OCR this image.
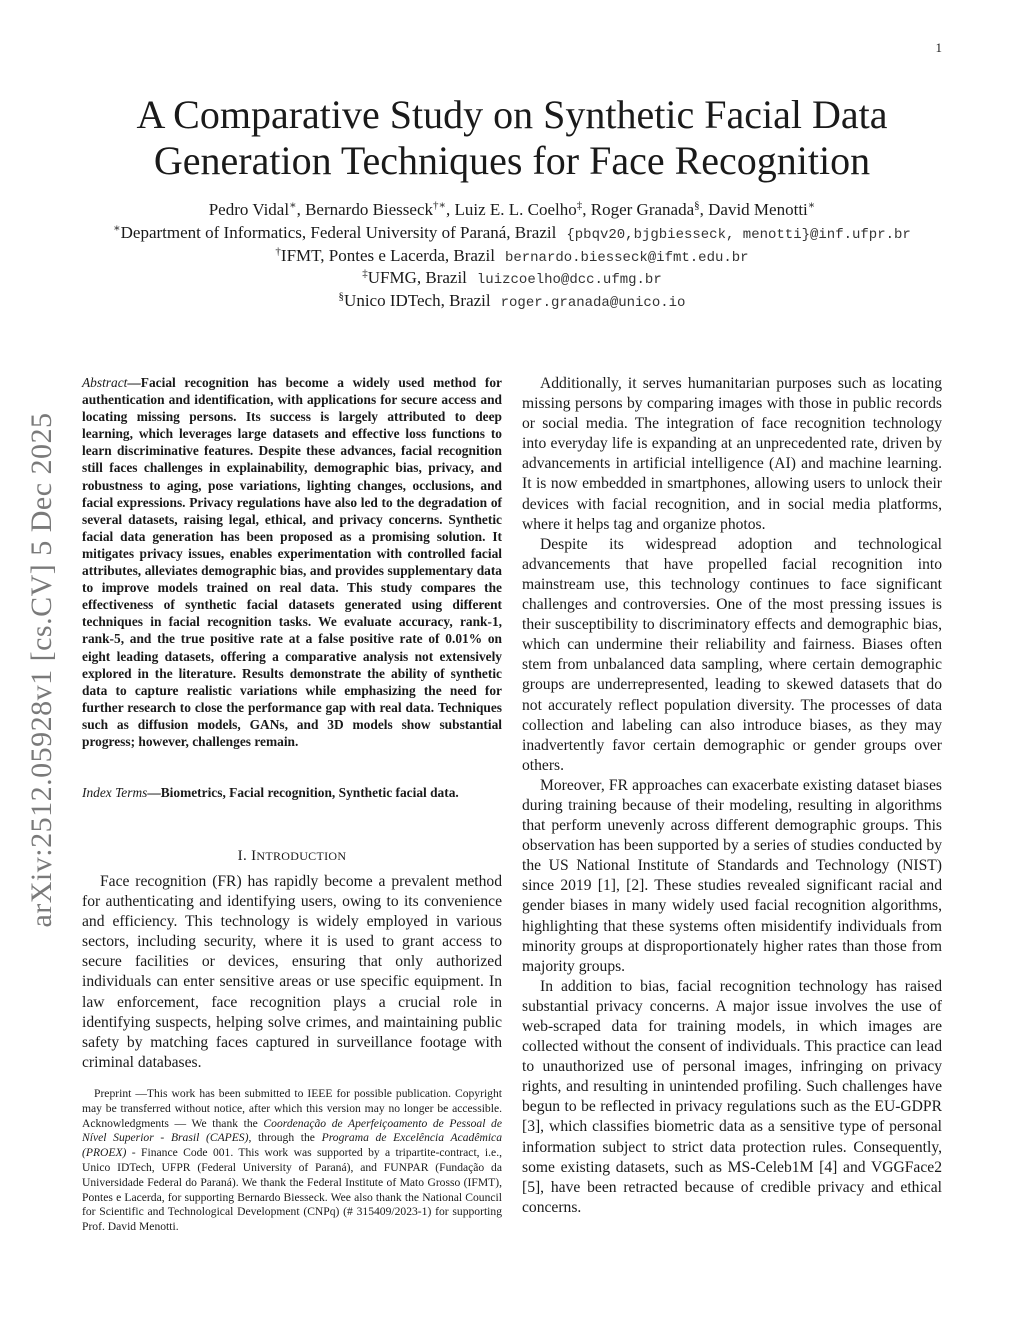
1
A Comparative Study on Synthetic Facial Data
Generation Techniques for Face Recognition
Pedro Vidal∗, Bernardo Biesseck†∗, Luiz E. L. Coelho‡, Roger Granada§, David Menotti∗
∗Department of Informatics, Federal University of Paraná, Brazil {pbqv20,bjgbiesseck, menotti}@inf.ufpr.br
†IFMT, Pontes e Lacerda, Brazil bernardo.biesseck@ifmt.edu.br
‡UFMG, Brazil luizcoelho@dcc.ufmg.br
§Unico IDTech, Brazil roger.granada@unico.io
arXiv:2512.05928v1 [cs.CV] 5 Dec 2025
Abstract—Facial recognition has become a widely used method for authentication and identification, with applications for secure access and locating missing persons. Its success is largely attributed to deep learning, which leverages large datasets and effective loss functions to learn discriminative features. Despite these advances, facial recognition still faces challenges in explainability, demographic bias, privacy, and robustness to aging, pose variations, lighting changes, occlusions, and facial expressions. Privacy regulations have also led to the degradation of several datasets, raising legal, ethical, and privacy concerns. Synthetic facial data generation has been proposed as a promising solution. It mitigates privacy issues, enables experimentation with controlled facial attributes, alleviates demographic bias, and provides supplementary data to improve models trained on real data. This study compares the effectiveness of synthetic facial datasets generated using different techniques in facial recognition tasks. We evaluate accuracy, rank-1, rank-5, and the true positive rate at a false positive rate of 0.01% on eight leading datasets, offering a comparative analysis not extensively explored in the literature. Results demonstrate the ability of synthetic data to capture realistic variations while emphasizing the need for further research to close the performance gap with real data. Techniques such as diffusion models, GANs, and 3D models show substantial progress; however, challenges remain.
Index Terms—Biometrics, Facial recognition, Synthetic facial data.
I. INTRODUCTION

Face recognition (FR) has rapidly become a prevalent method for authenticating and identifying users, owing to its convenience and efficiency. This technology is widely employed in various sectors, including security, where it is used to grant access to secure facilities or devices, ensuring that only authorized individuals can enter sensitive areas or use specific equipment. In law enforcement, face recognition plays a crucial role in identifying suspects, helping solve crimes, and maintaining public safety by matching faces captured in surveillance footage with criminal databases.

Preprint —This work has been submitted to IEEE for possible publication. Copyright may be transferred without notice, after which this version may no longer be accessible. Acknowledgments — We thank the Coordenação de Aperfeiçoamento de Pessoal de Nível Superior - Brasil (CAPES), through the Programa de Excelência Acadêmica (PROEX) - Finance Code 001. This work was supported by a tripartite-contract, i.e., Unico IDTech, UFPR (Federal University of Paraná), and FUNPAR (Fundação da Universidade Federal do Paraná). We thank the Federal Institute of Mato Grosso (IFMT), Pontes e Lacerda, for supporting Bernardo Biesseck. Wee also thank the National Council for Scientific and Technological Development (CNPq) (# 315409/2023-1) for supporting Prof. David Menotti.

Additionally, it serves humanitarian purposes such as locating missing persons by comparing images with those in public records or social media. The integration of face recognition technology into everyday life is expanding at an unprecedented rate, driven by advancements in artificial intelligence (AI) and machine learning. It is now embedded in smartphones, allowing users to unlock their devices with facial recognition, and in social media platforms, where it helps tag and organize photos.

Despite its widespread adoption and technological advancements that have propelled facial recognition into mainstream use, this technology continues to face significant challenges and controversies. One of the most pressing issues is their susceptibility to discriminatory effects and demographic bias, which can undermine their reliability and fairness. Biases often stem from unbalanced data sampling, where certain demographic groups are underrepresented, leading to skewed datasets that do not accurately reflect population diversity. The processes of data collection and labeling can also introduce biases, as they may inadvertently favor certain demographic or gender groups over others.

Moreover, FR approaches can exacerbate existing dataset biases during training because of their modeling, resulting in algorithms that perform unevenly across different demographic groups. This observation has been supported by a series of studies conducted by the US National Institute of Standards and Technology (NIST) since 2019 [1], [2]. These studies revealed significant racial and gender biases in many widely used facial recognition algorithms, highlighting that these systems often misidentify individuals from minority groups at disproportionately higher rates than those from majority groups.

In addition to bias, facial recognition technology has raised substantial privacy concerns. A major issue involves the use of web-scraped data for training models, in which images are collected without the consent of individuals. This practice can lead to unauthorized use of personal images, infringing on privacy rights, and resulting in unintended profiling. Such challenges have begun to be reflected in privacy regulations such as the EU-GDPR [3], which classifies biometric data as a sensitive type of personal information subject to strict data protection rules. Consequently, some existing datasets, such as MS-Celeb1M [4] and VGGFace2 [5], have been retracted because of credible privacy and ethical concerns.
